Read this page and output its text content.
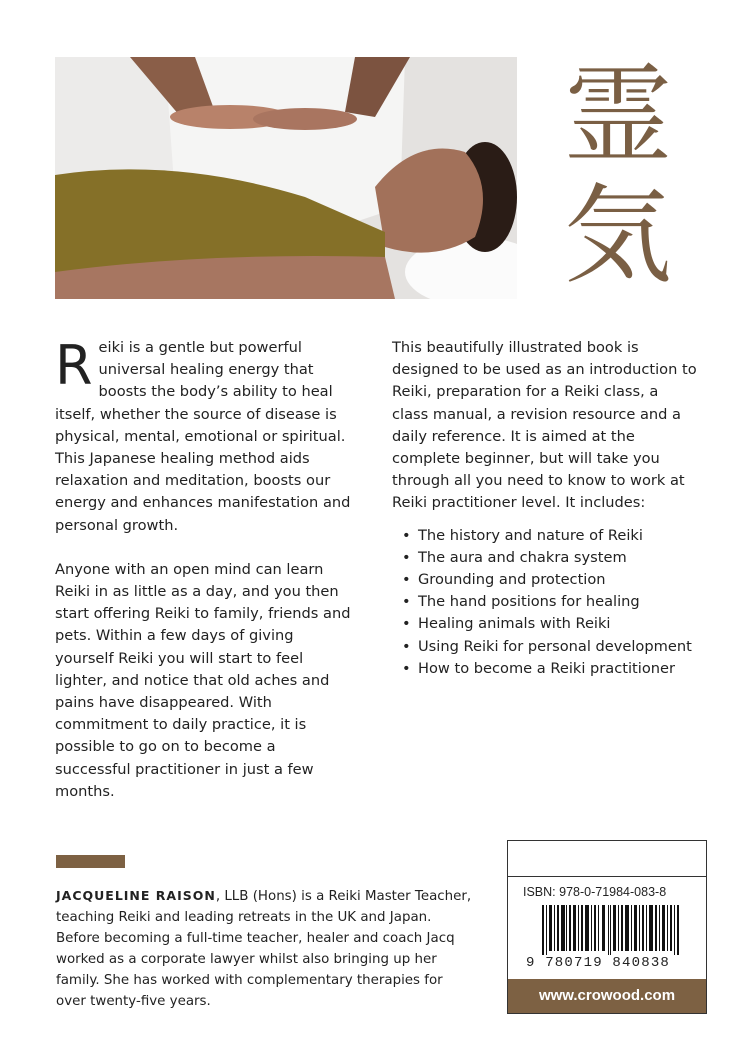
霊
気

Reiki is a gentle but powerful universal healing energy that boosts the body’s ability to heal itself, whether the source of disease is physical, mental, emotional or spiritual. This Japanese healing method aids relaxation and meditation, boosts our energy and enhances manifestation and personal growth.

Anyone with an open mind can learn Reiki in as little as a day, and you then start offering Reiki to family, friends and pets. Within a few days of giving yourself Reiki you will start to feel lighter, and notice that old aches and pains have disappeared. With commitment to daily practice, it is possible to go on to become a successful practitioner in just a few months.

This beautifully illustrated book is designed to be used as an introduction to Reiki, preparation for a Reiki class, a class manual, a revision resource and a daily reference. It is aimed at the complete beginner, but will take you through all you need to know to work at Reiki practitioner level. It includes:

• The history and nature of Reiki
• The aura and chakra system
• Grounding and protection
• The hand positions for healing
• Healing animals with Reiki
• Using Reiki for personal development
• How to become a Reiki practitioner
JACQUELINE RAISON, LLB (Hons) is a Reiki Master Teacher, teaching Reiki and leading retreats in the UK and Japan. Before becoming a full-time teacher, healer and coach Jacq worked as a corporate lawyer whilst also bringing up her family. She has worked with complementary therapies for over twenty-five years.
ISBN: 978-0-71984-083-8
9 780719 840838
www.crowood.com
